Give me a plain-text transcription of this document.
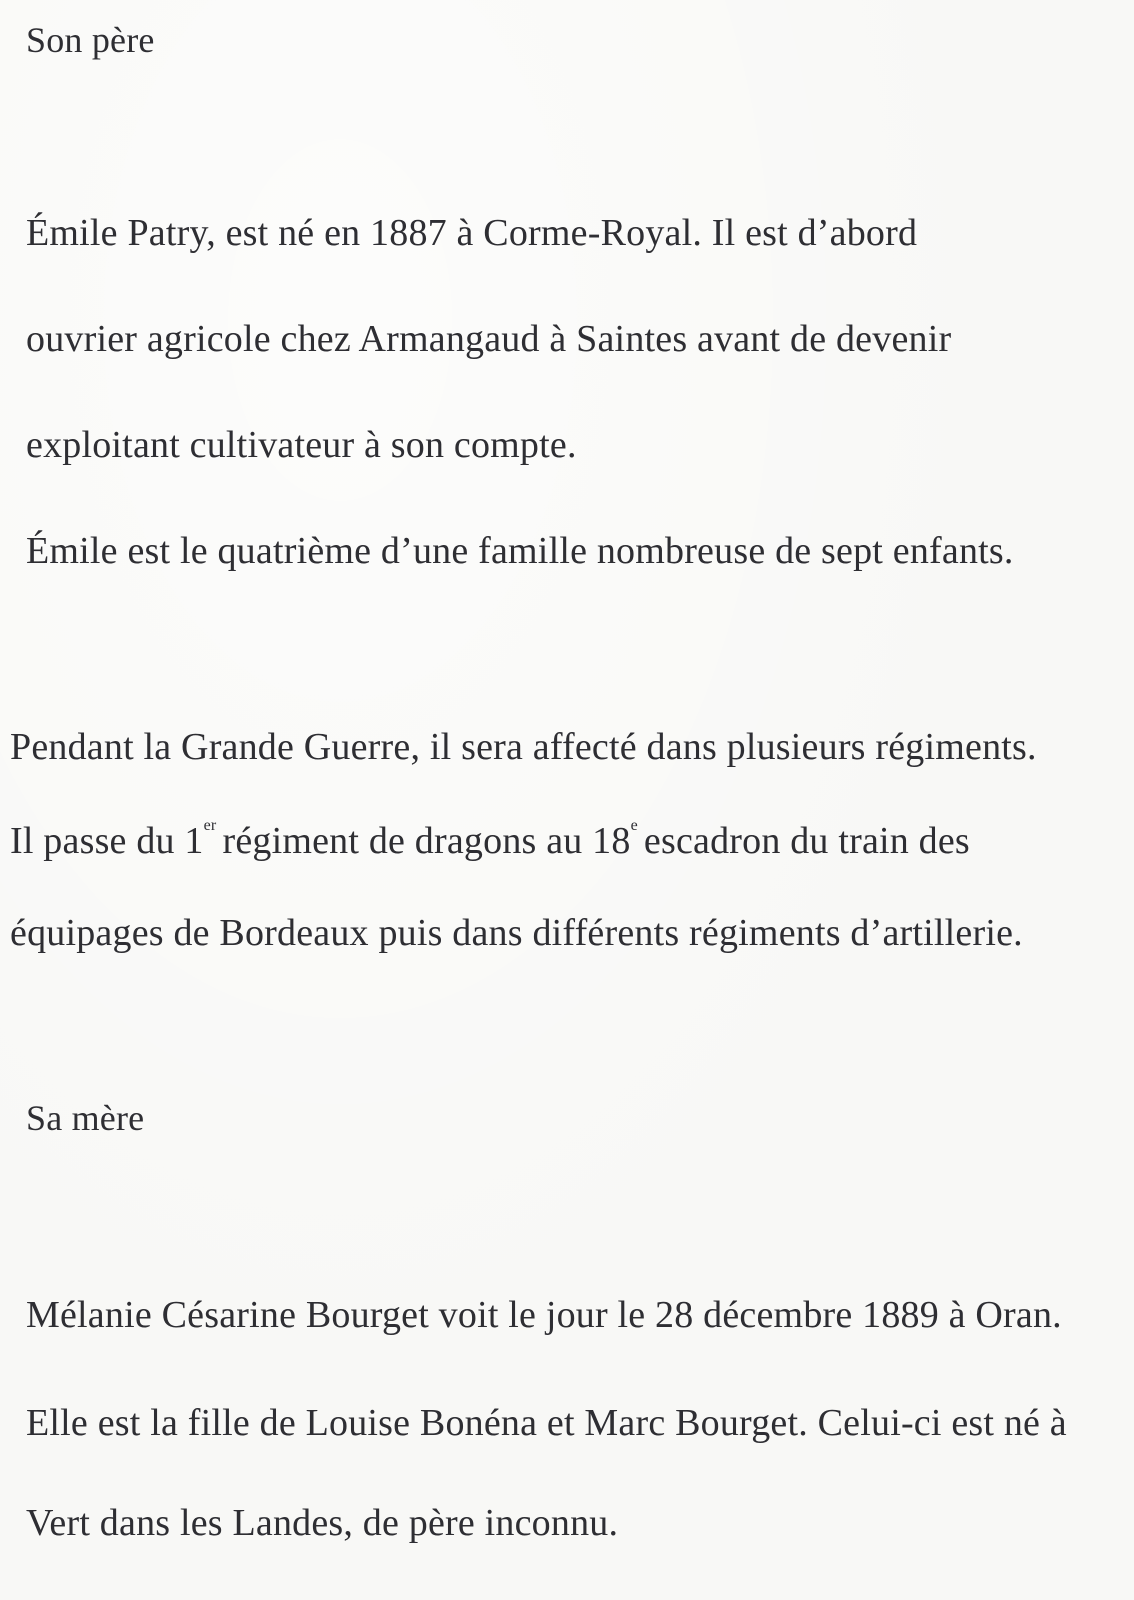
Son père
Émile Patry, est né en 1887 à Corme-Royal. Il est d’abord
ouvrier agricole chez Armangaud à Saintes avant de devenir
exploitant cultivateur à son compte.
Émile est le quatrième d’une famille nombreuse de sept enfants.
Pendant la Grande Guerre, il sera affecté dans plusieurs régiments.
Il passe du 1er régiment de dragons au 18e escadron du train des
équipages de Bordeaux puis dans différents régiments d’artillerie.
Sa mère
Mélanie Césarine Bourget voit le jour le 28 décembre 1889 à Oran.
Elle est la fille de Louise Bonéna et Marc Bourget. Celui-ci est né à
Vert dans les Landes, de père inconnu.
